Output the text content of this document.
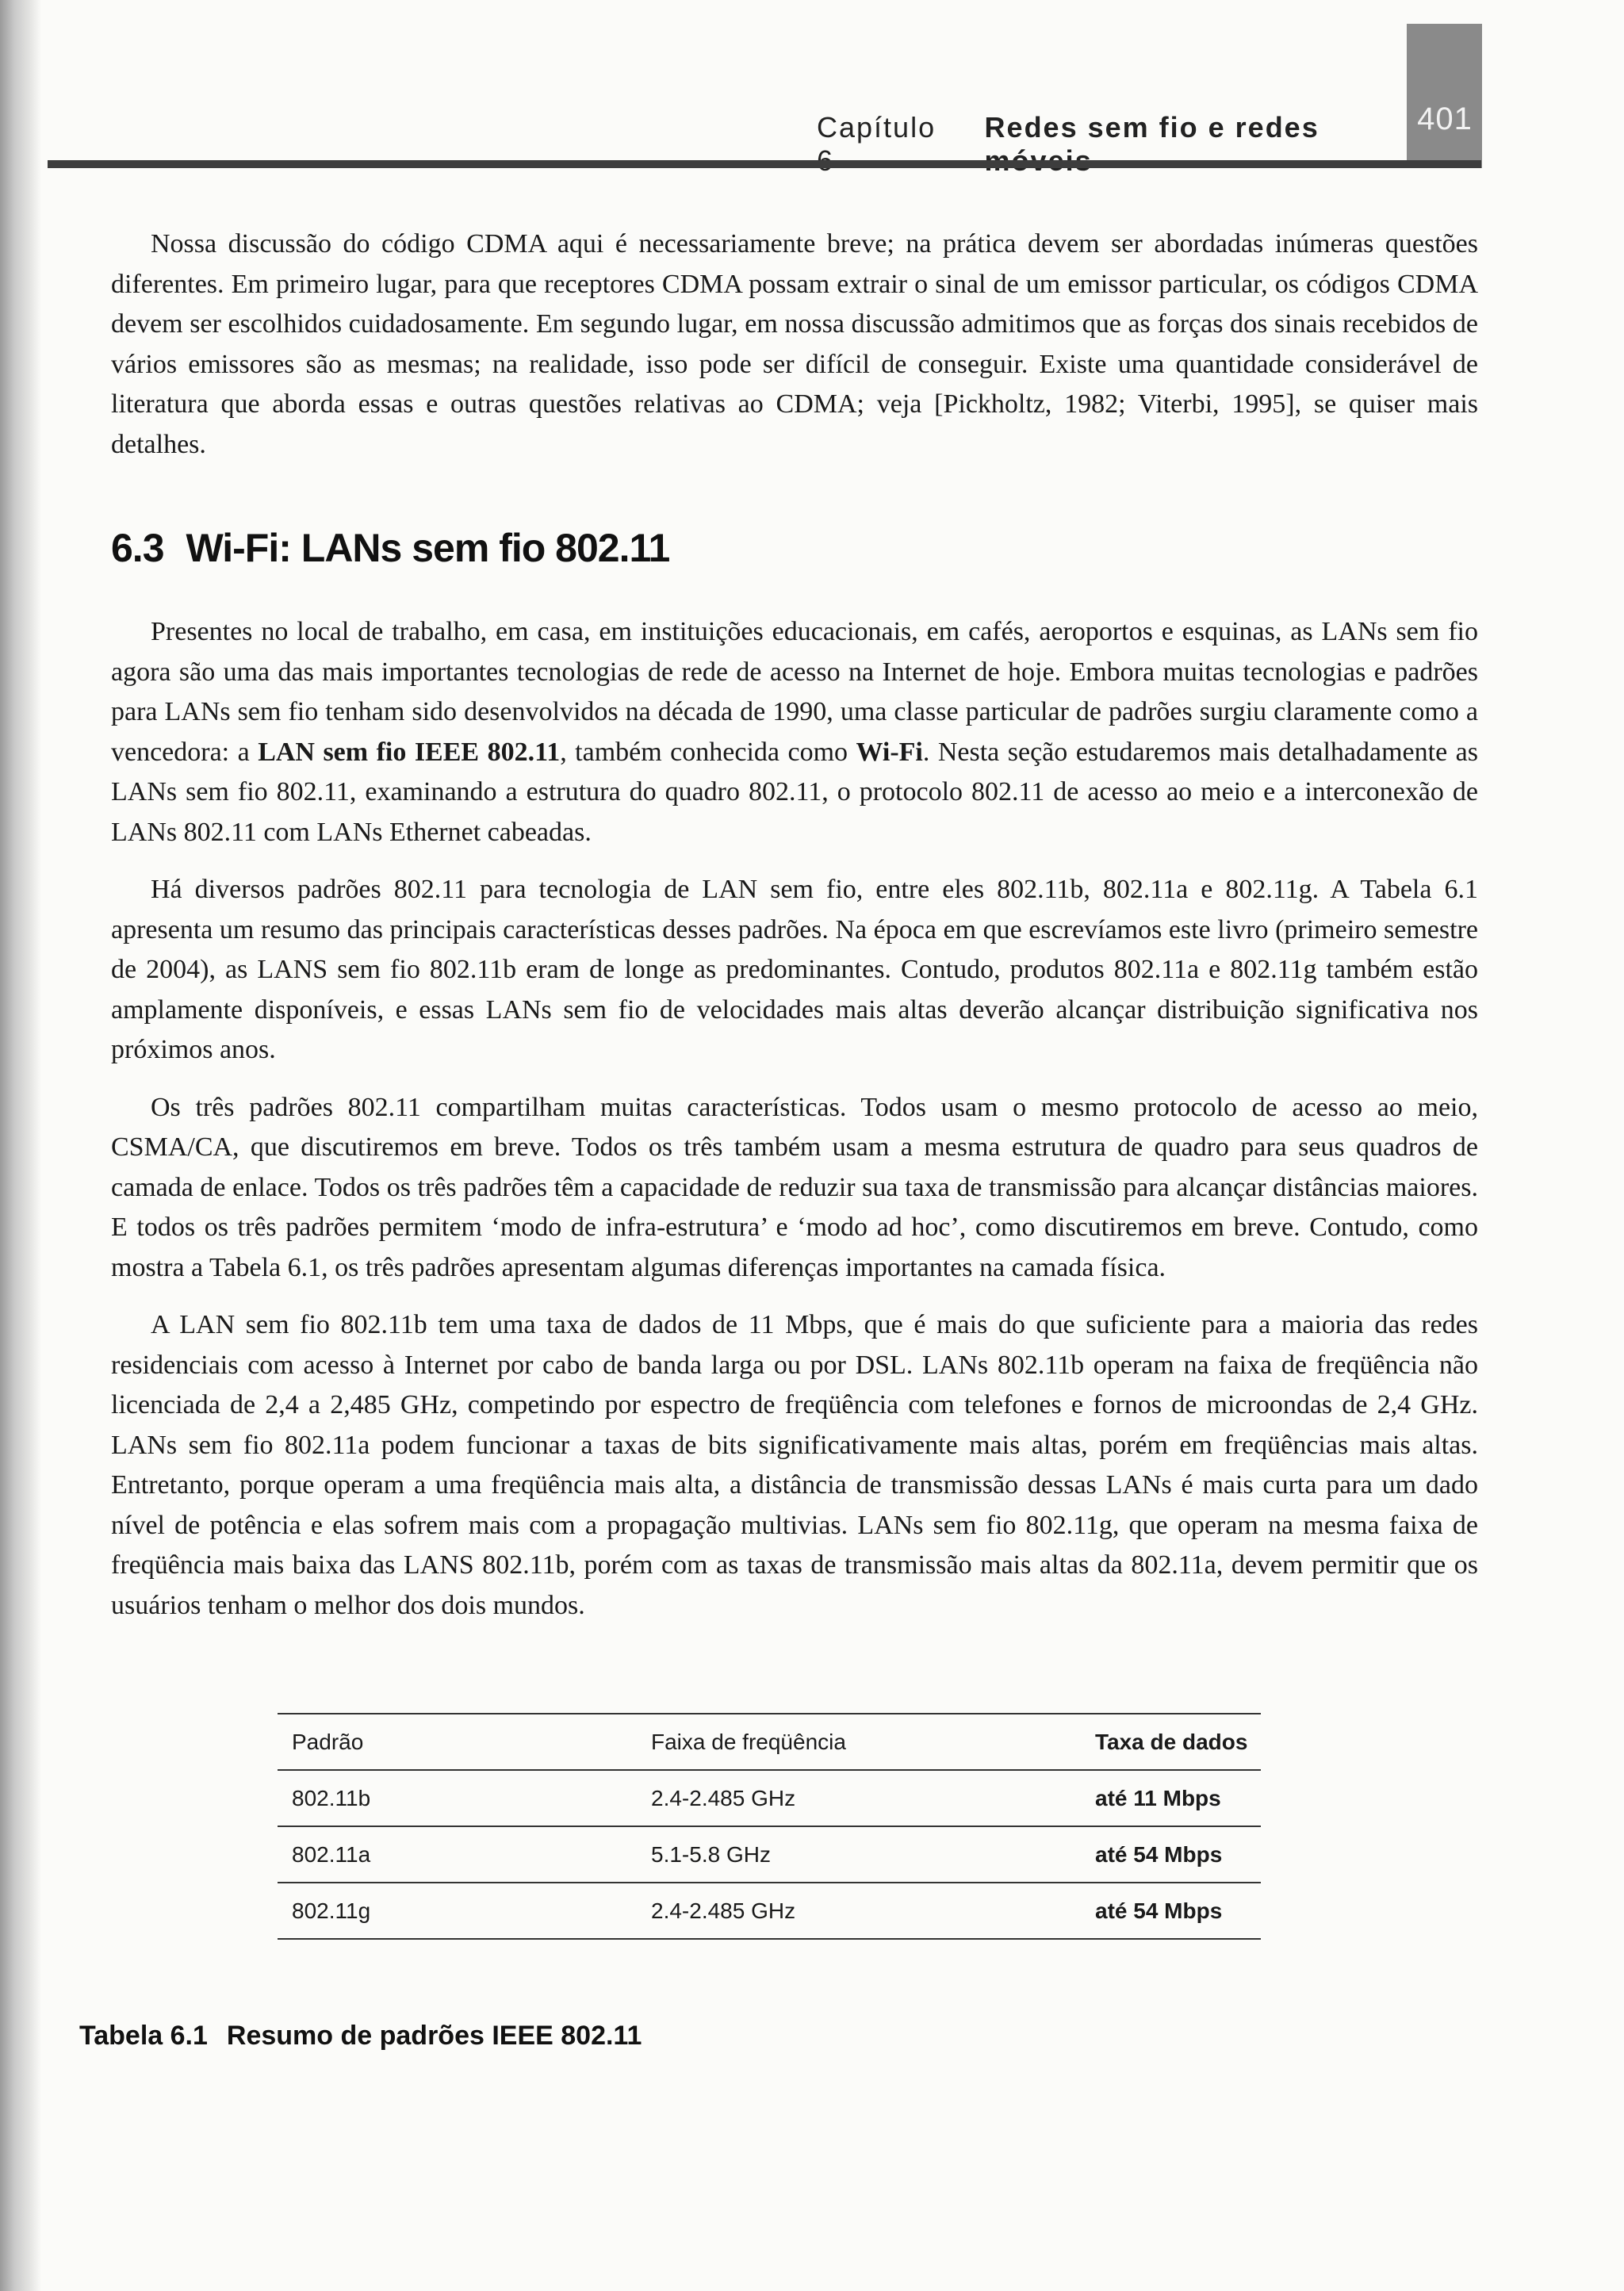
401
Capítulo Redes sem fio e redes

Nossa discussão do código CDMA aqui é necessariamente breve; na prática devem ser abordadas inúmeras questões diferentes. Em primeiro lugar, para que receptores CDMA possam extrair o sinal de um emissor particular, os códigos CDMA devem ser escolhidos cuidadosamente. Em segundo lugar, em nossa discussão admitimos que as forças dos sinais recebidos de vários emissores são as mesmas; na realidade, isso pode ser difícil de conseguir. Existe uma quantidade considerável de literatura que aborda essas e outras questões relativas ao CDMA; veja [Pickholtz, 1982; Viterbi, 1995], se quiser mais detalhes.

6.3 Wi-Fi: LANs sem fio 802.11

Presentes no local de trabalho, em casa, em instituições educacionais, em cafés, aeroportos e esquinas, as LANs sem fio agora são uma das mais importantes tecnologias de rede de acesso na Internet de hoje. Embora muitas tecnologias e padrões para LANs sem fio tenham sido desenvolvidos na década de 1990, uma classe particular de padrões surgiu claramente como a vencedora: a LAN sem fio IEEE 802.11, também conhecida como Wi-Fi. Nesta seção estudaremos mais detalhadamente as LANs sem fio 802.11, examinando a estrutura do quadro 802.11, o protocolo 802.11 de acesso ao meio e a interconexão de LANs 802.11 com LANs Ethernet cabeadas.

Há diversos padrões 802.11 para tecnologia de LAN sem fio, entre eles 802.11b, 802.11a e 802.11g. A Tabela 6.1 apresenta um resumo das principais características desses padrões. Na época em que escrevíamos este livro (primeiro semestre de 2004), as LANS sem fio 802.11b eram de longe as predominantes. Contudo, produtos 802.11a e 802.11g também estão amplamente disponíveis, e essas LANs sem fio de velocidades mais altas deverão alcançar distribuição significativa nos próximos anos.

Os três padrões 802.11 compartilham muitas características. Todos usam o mesmo protocolo de acesso ao meio, CSMA/CA, que discutiremos em breve. Todos os três também usam a mesma estrutura de quadro para seus quadros de camada de enlace. Todos os três padrões têm a capacidade de reduzir sua taxa de transmissão para alcançar distâncias maiores. E todos os três padrões permitem ‘modo de infra-estrutura’ e ‘modo ad hoc’, como discutiremos em breve. Contudo, como mostra a Tabela 6.1, os três padrões apresentam algumas diferenças importantes na camada física.

A LAN sem fio 802.11b tem uma taxa de dados de 11 Mbps, que é mais do que suficiente para a maioria das redes residenciais com acesso à Internet por cabo de banda larga ou por DSL. LANs 802.11b operam na faixa de freqüência não licenciada de 2,4 a 2,485 GHz, competindo por espectro de freqüência com telefones e fornos de microondas de 2,4 GHz. LANs sem fio 802.11a podem funcionar a taxas de bits significativamente mais altas, porém em freqüências mais altas. Entretanto, porque operam a uma freqüência mais alta, a distância de transmissão dessas LANs é mais curta para um dado nível de potência e elas sofrem mais com a propagação multivias. LANs sem fio 802.11g, que operam na mesma faixa de freqüência mais baixa das LANS 802.11b, porém com as taxas de transmissão mais altas da 802.11a, devem permitir que os usuários tenham o melhor dos dois mundos.

Padrão	Faixa de freqüência	Taxa de dados
802.11b	2.4-2.485 GHz	até 11 Mbps
802.11a	5.1-5.8 GHz	até 54 Mbps
802.11g	2.4-2.485 GHz	até 54 Mbps
Tabela 6.1 Resumo de padrões IEEE 802.11
